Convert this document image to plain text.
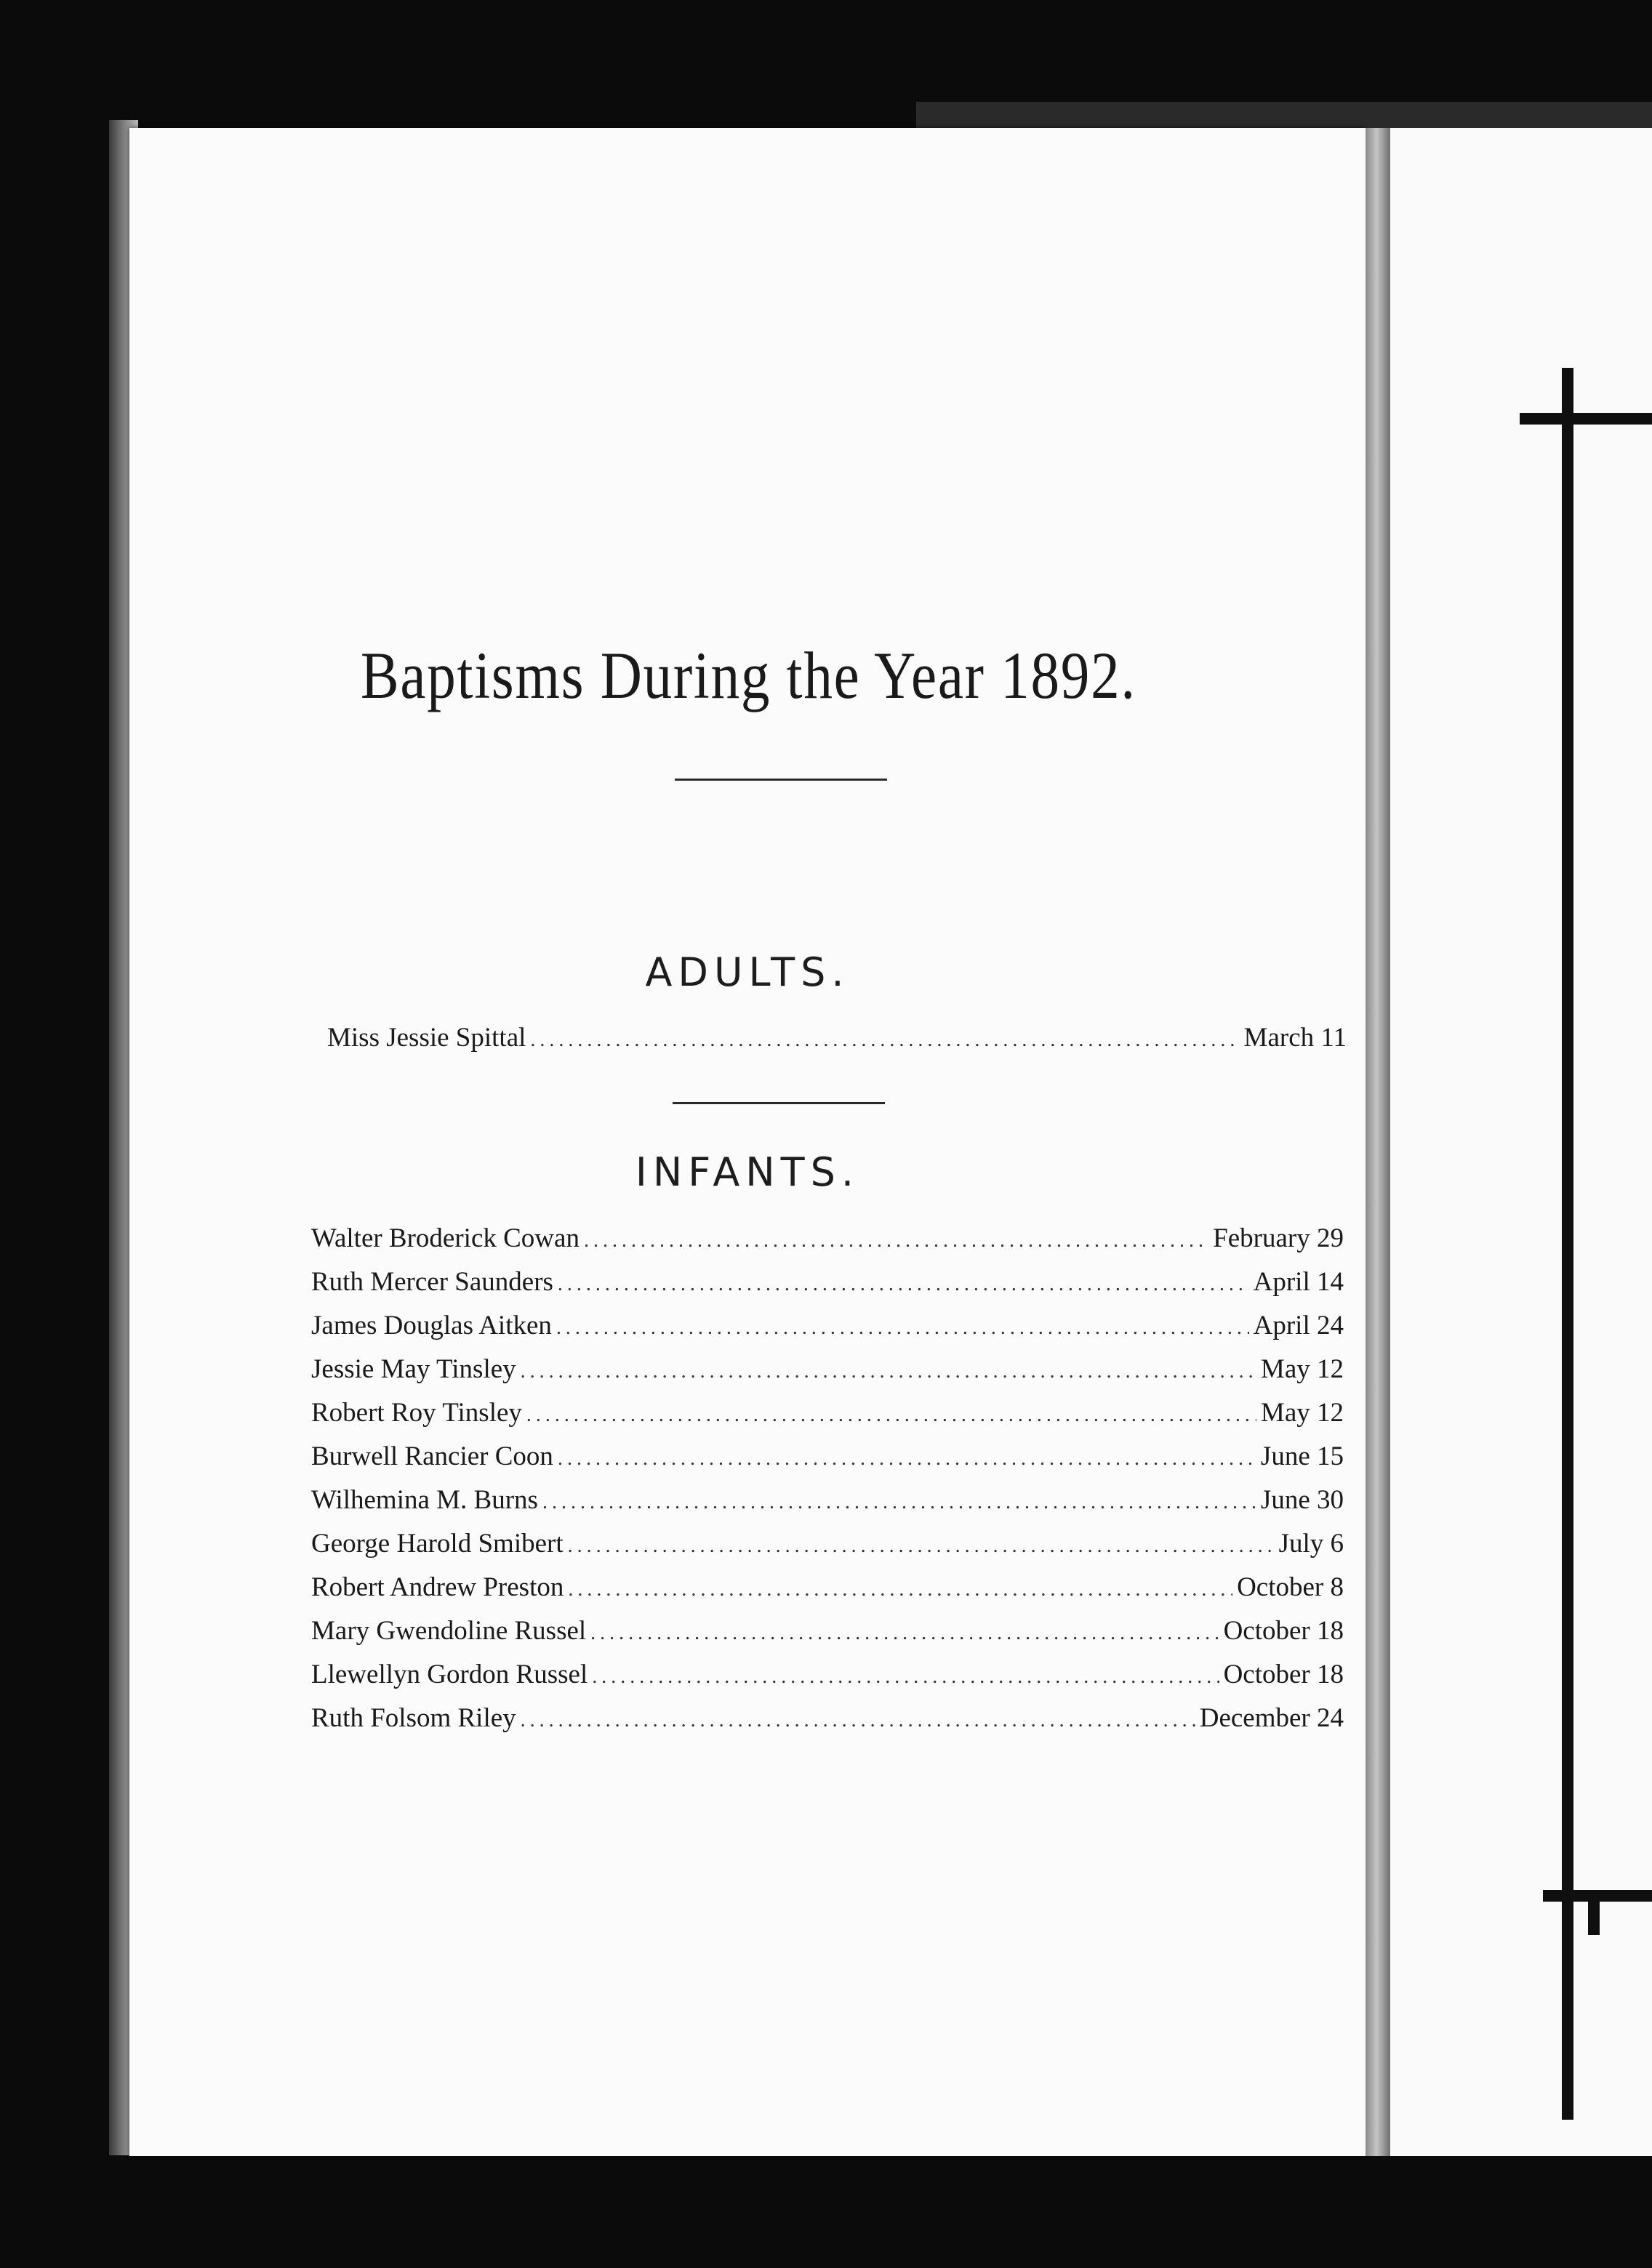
Baptisms During the Year 1892.
ADULTS.
Miss Jessie Spittal .....	March 11
INFANTS.
Walter Broderick Cowan .....	February 29
Ruth Mercer Saunders .....	April 14
James Douglas Aitken .....	April 24
Jessie May Tinsley .....	May 12
Robert Roy Tinsley .....	May 12
Burwell Rancier Coon .....	June 15
Wilhemina M. Burns .....	June 30
George Harold Smibert .....	July 6
Robert Andrew Preston .....	October 8
Mary Gwendoline Russel .....	October 18
Llewellyn Gordon Russel .....	October 18
Ruth Folsom Riley .....	December 24
